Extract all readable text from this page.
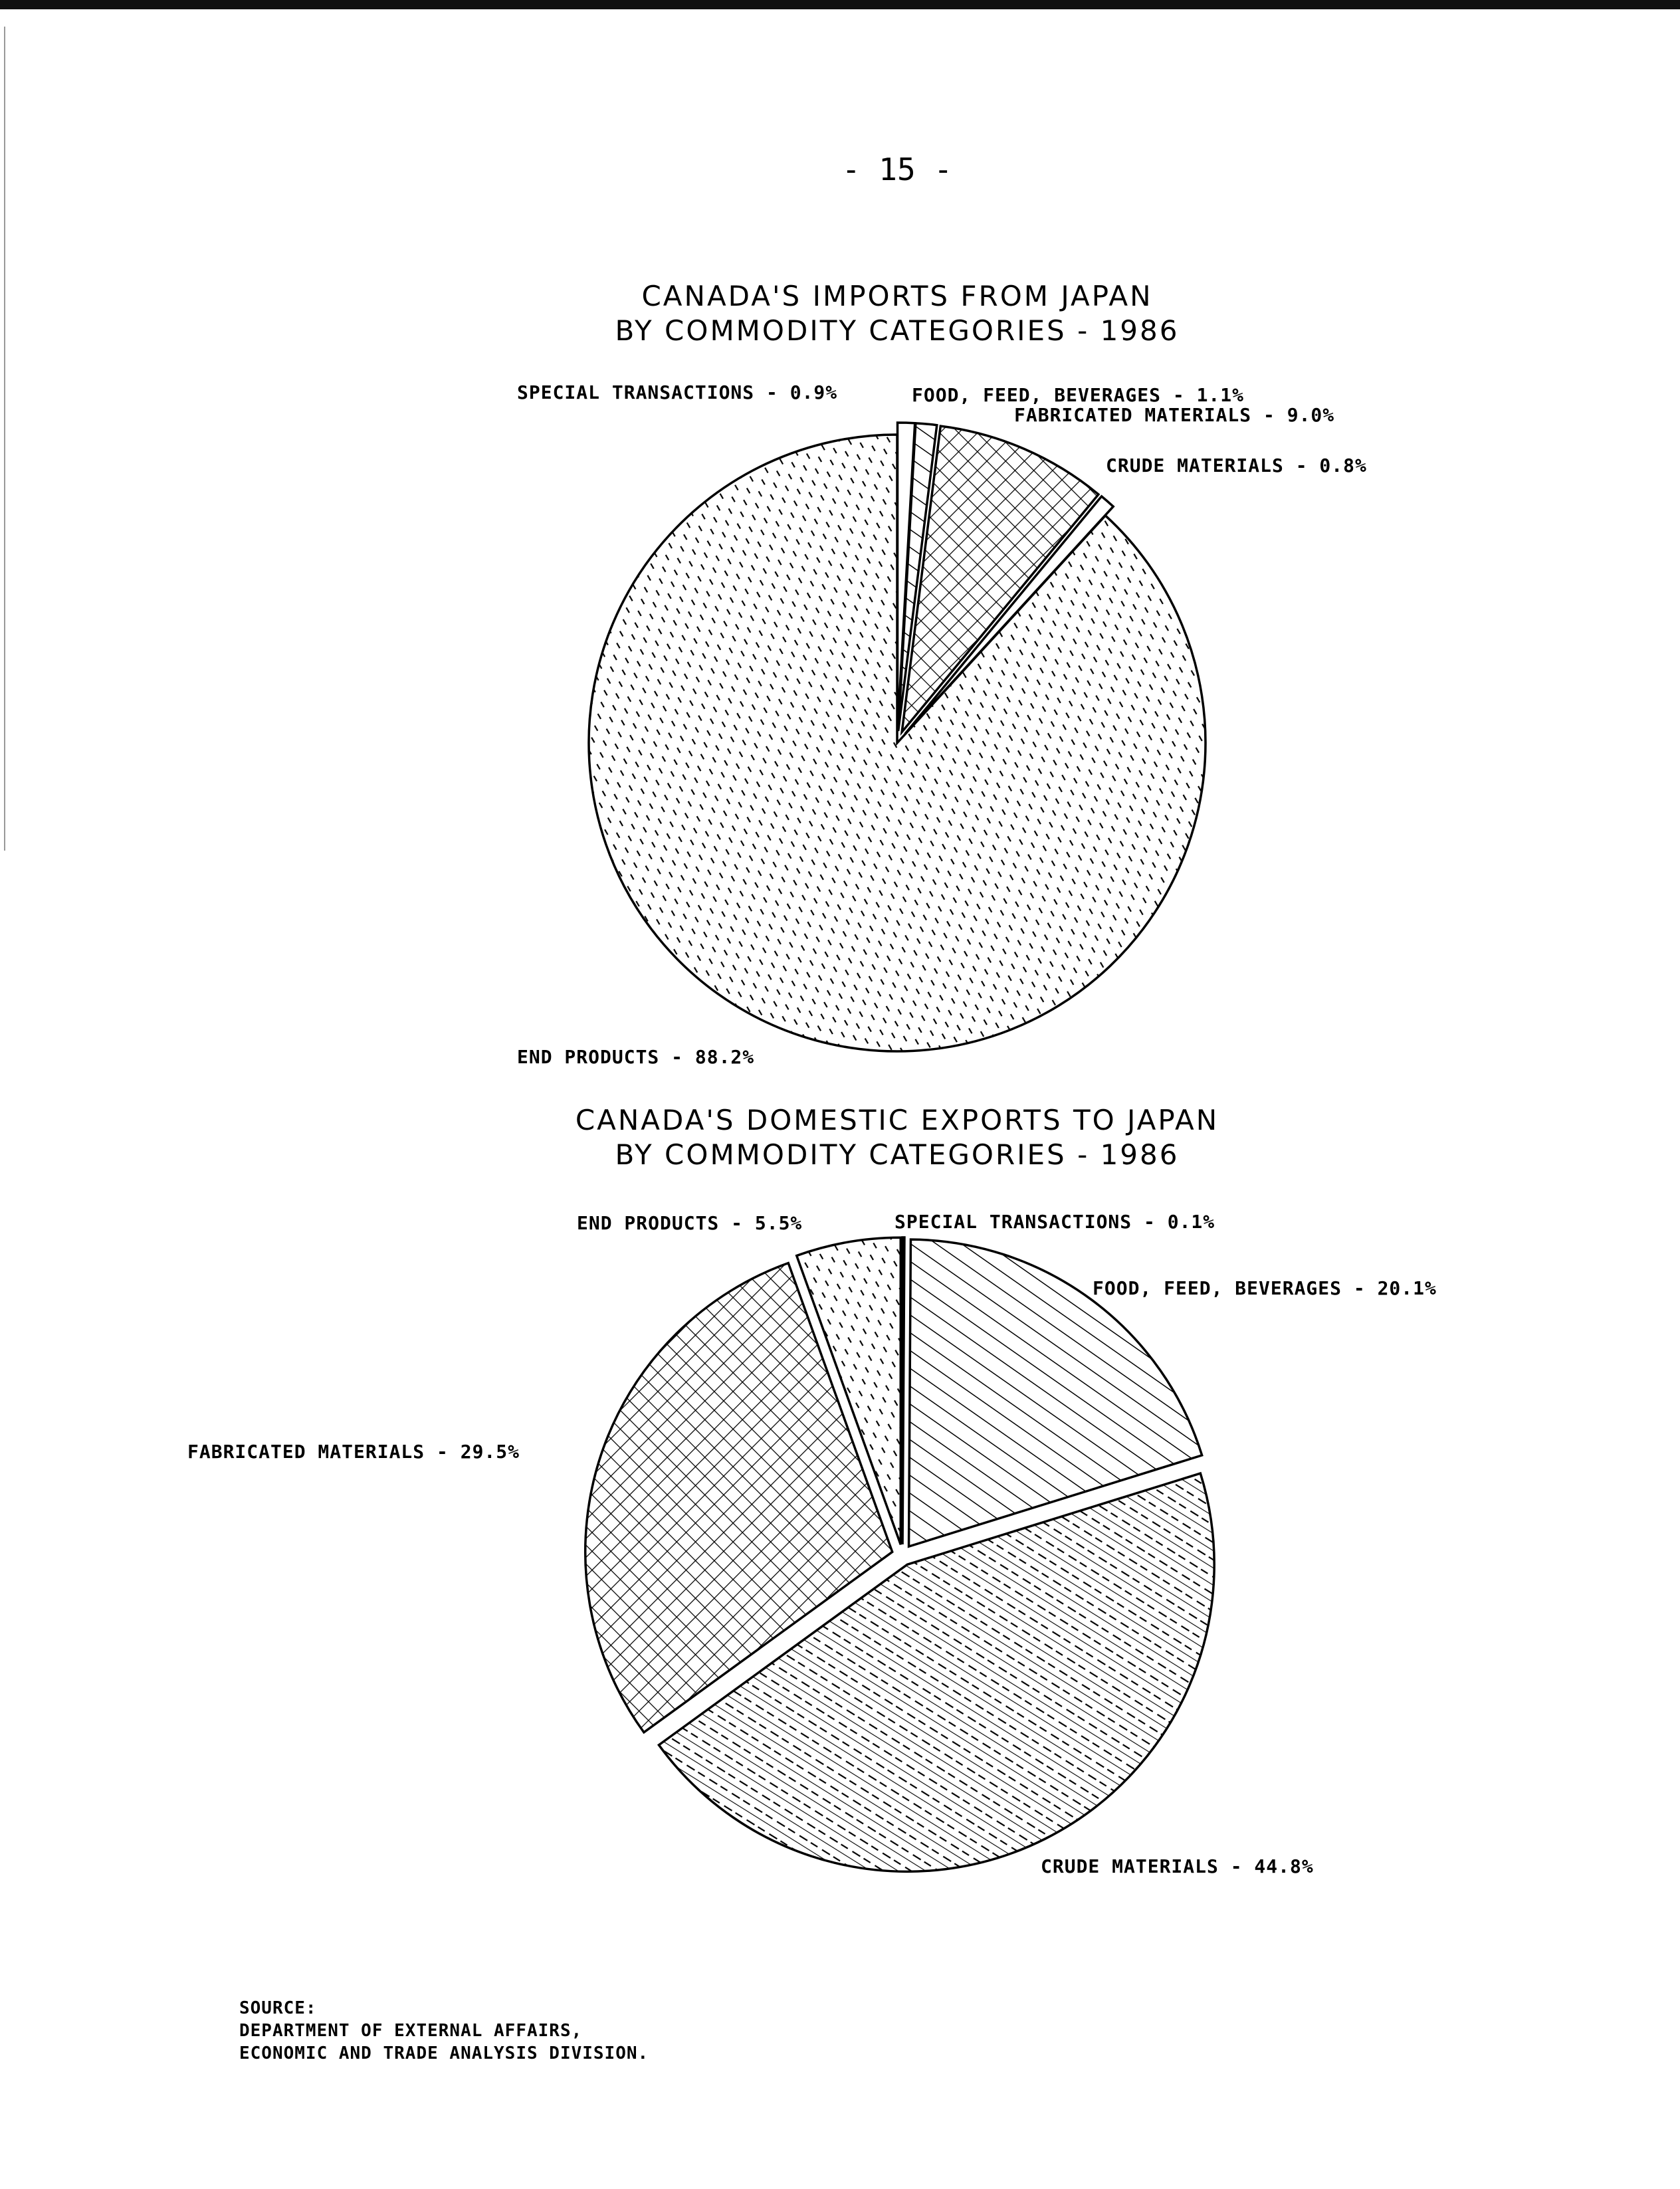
- 15 -
CANADA'S IMPORTS FROM JAPAN
BY COMMODITY CATEGORIES - 1986
CANADA'S DOMESTIC EXPORTS TO JAPAN
BY COMMODITY CATEGORIES - 1986
SPECIAL TRANSACTIONS - 0.9%	FOOD, FEED, BEVERAGES - 1.1%
FABRICATED MATERIALS - 9.0%
CRUDE MATERIALS - 0.8%
END PRODUCTS - 88.2%
SPECIAL TRANSACTIONS - 0.1%
FOOD, FEED, BEVERAGES - 20.1%
CRUDE MATERIALS - 44.8%
FABRICATED MATERIALS - 29.5%
END PRODUCTS - 5.5%
SOURCE:
DEPARTMENT OF EXTERNAL AFFAIRS,
ECONOMIC AND TRADE ANALYSIS DIVISION.
